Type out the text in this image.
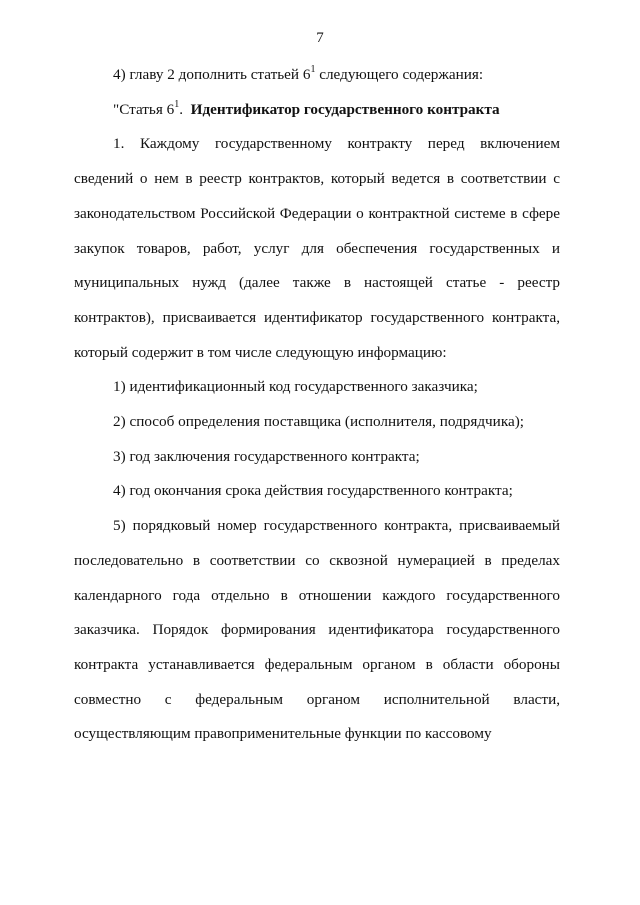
7

4) главу 2 дополнить статьей $6^1$ следующего содержания:

"Статья $6^1$. Идентификатор государственного контракта

1. Каждому государственному контракту перед включением сведений о нем в реестр контрактов, который ведется в соответствии с законодательством Российской Федерации о контрактной системе в сфере закупок товаров, работ, услуг для обеспечения государственных и муниципальных нужд (далее также в настоящей статье - реестр контрактов), присваивается идентификатор государственного контракта, который содержит в том числе следующую информацию:

1) идентификационный код государственного заказчика;

2) способ определения поставщика (исполнителя, подрядчика);

3) год заключения государственного контракта;

4) год окончания срока действия государственного контракта;

5) порядковый номер государственного контракта, присваиваемый последовательно в соответствии со сквозной нумерацией в пределах календарного года отдельно в отношении каждого государственного заказчика. Порядок формирования идентификатора государственного контракта устанавливается федеральным органом в области обороны совместно с федеральным органом исполнительной власти, осуществляющим правоприменительные функции по кассовому
